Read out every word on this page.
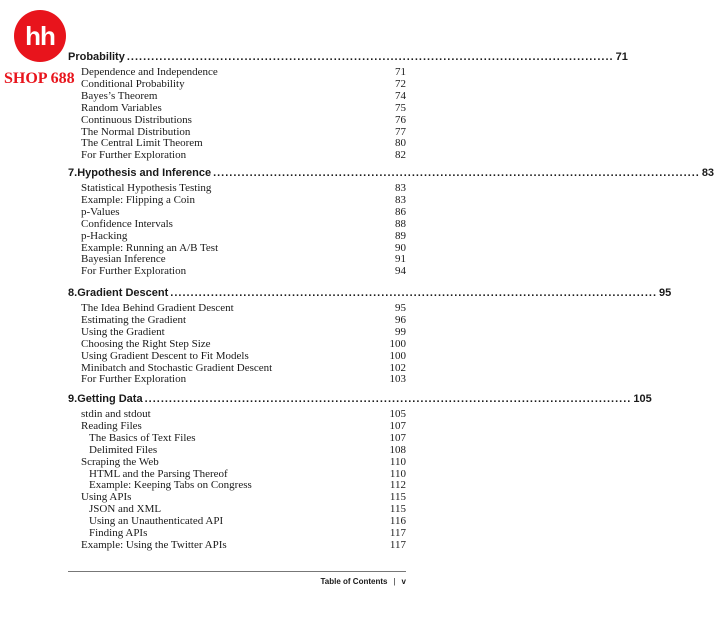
Probability ........................................................................................................................ 71
Dependence and Independence	71
Conditional Probability	72
Bayes’s Theorem	74
Random Variables	75
Continuous Distributions	76
The Normal Distribution	77
The Central Limit Theorem	80
For Further Exploration	82
7. Hypothesis and Inference ........................................................................................................................ 83
Statistical Hypothesis Testing	83
Example: Flipping a Coin	83
p-Values	86
Confidence Intervals	88
p-Hacking	89
Example: Running an A/B Test	90
Bayesian Inference	91
For Further Exploration	94
8. Gradient Descent ........................................................................................................................ 95
The Idea Behind Gradient Descent	95
Estimating the Gradient	96
Using the Gradient	99
Choosing the Right Step Size	100
Using Gradient Descent to Fit Models	100
Minibatch and Stochastic Gradient Descent	102
For Further Exploration	103
9. Getting Data ........................................................................................................................ 105
stdin and stdout	105
Reading Files	107
The Basics of Text Files	107
Delimited Files	108
Scraping the Web	110
HTML and the Parsing Thereof	110
Example: Keeping Tabs on Congress	112
Using APIs	115
JSON and XML	115
Using an Unauthenticated API	116
Finding APIs	117
Example: Using the Twitter APIs	117
Table of Contents | v
hh
SHOP 688
